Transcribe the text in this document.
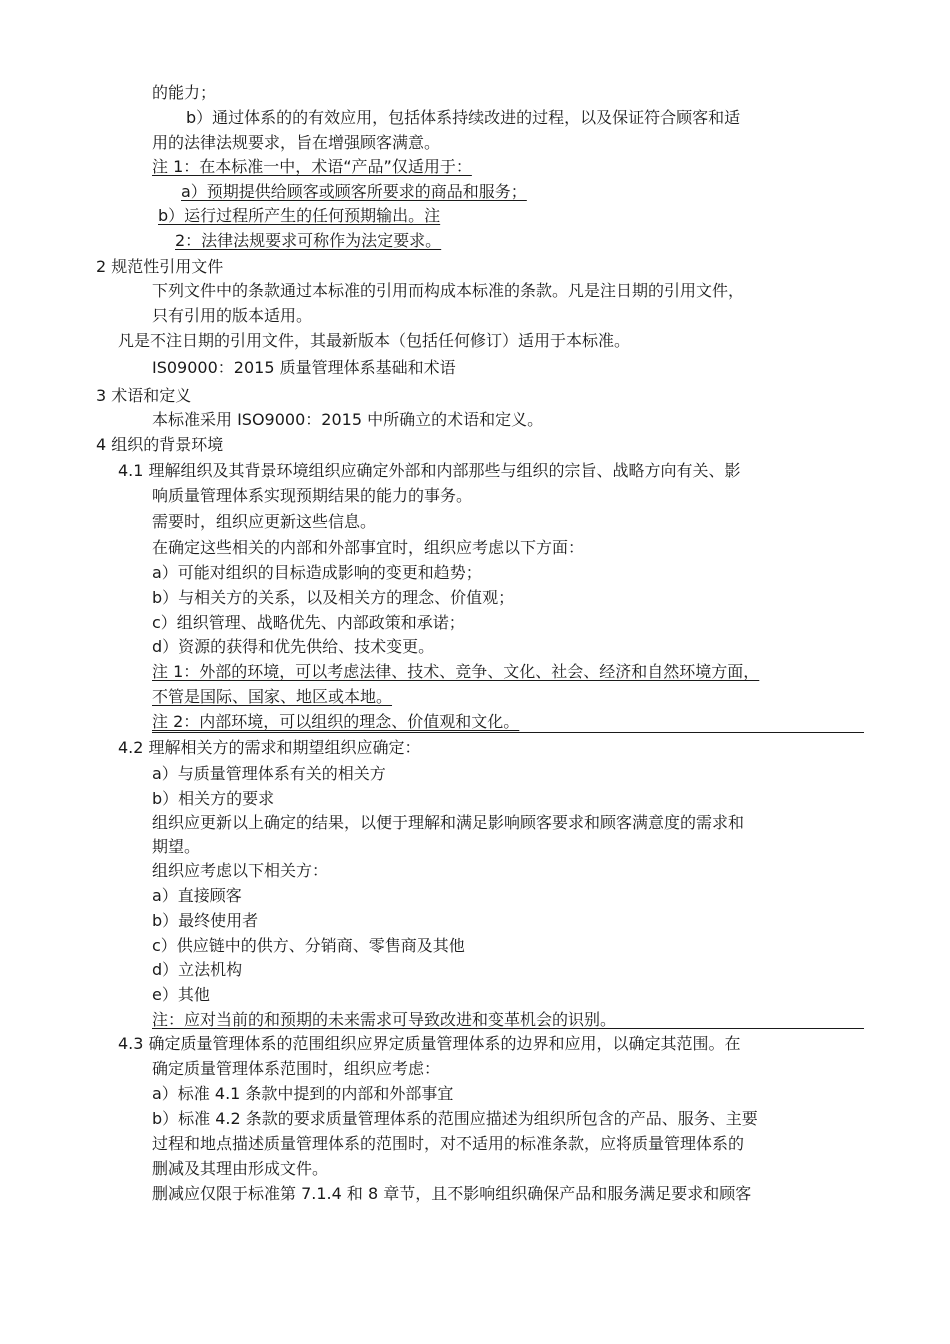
的能力；
b）通过体系的的有效应用，包括体系持续改进的过程，以及保证符合顾客和适
用的法律法规要求，旨在增强顾客满意。
注 1：在本标准一中，术语“产品”仅适用于：
a）预期提供给顾客或顾客所要求的商品和服务；
b）运行过程所产生的任何预期输出。注
2：法律法规要求可称作为法定要求。
2 规范性引用文件
下列文件中的条款通过本标准的引用而构成本标准的条款。凡是注日期的引用文件，
只有引用的版本适用。
凡是不注日期的引用文件，其最新版本（包括任何修订）适用于本标准。
IS09000：2015 质量管理体系基础和术语
3 术语和定义
本标准采用 ISO9000：2015 中所确立的术语和定义。
4 组织的背景环境
4.1 理解组织及其背景环境组织应确定外部和内部那些与组织的宗旨、战略方向有关、影
响质量管理体系实现预期结果的能力的事务。
需要时，组织应更新这些信息。
在确定这些相关的内部和外部事宜时，组织应考虑以下方面：
a）可能对组织的目标造成影响的变更和趋势；
b）与相关方的关系，以及相关方的理念、价值观；
c）组织管理、战略优先、内部政策和承诺；
d）资源的获得和优先供给、技术变更。
注 1：外部的环境，可以考虑法律、技术、竞争、文化、社会、经济和自然环境方面，
不管是国际、国家、地区或本地。
注 2：内部环境，可以组织的理念、价值观和文化。
4.2 理解相关方的需求和期望组织应确定：
a）与质量管理体系有关的相关方
b）相关方的要求
组织应更新以上确定的结果，以便于理解和满足影响顾客要求和顾客满意度的需求和
期望。
组织应考虑以下相关方：
a）直接顾客
b）最终使用者
c）供应链中的供方、分销商、零售商及其他
d）立法机构
e）其他
注：应对当前的和预期的未来需求可导致改进和变革机会的识别。
4.3 确定质量管理体系的范围组织应界定质量管理体系的边界和应用，以确定其范围。在
确定质量管理体系范围时，组织应考虑：
a）标准 4.1 条款中提到的内部和外部事宜
b）标准 4.2 条款的要求质量管理体系的范围应描述为组织所包含的产品、服务、主要
过程和地点描述质量管理体系的范围时，对不适用的标准条款，应将质量管理体系的
删减及其理由形成文件。
删减应仅限于标准第 7.1.4 和 8 章节，且不影响组织确保产品和服务满足要求和顾客
